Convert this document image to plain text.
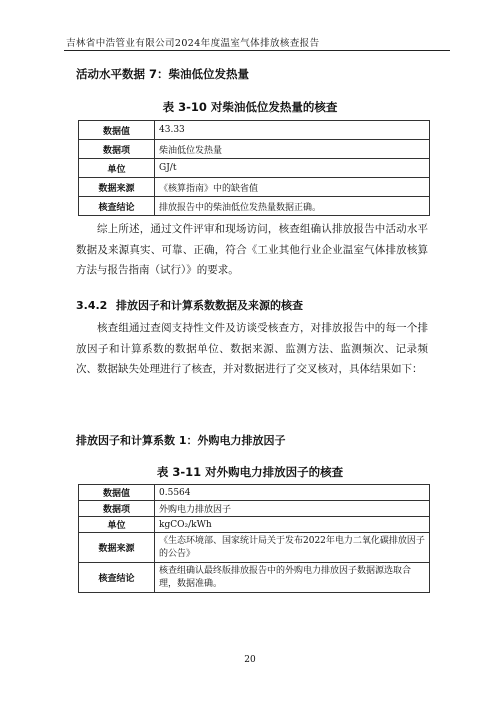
吉林省中浩管业有限公司2024年度温室气体排放核查报告
活动水平数据 7：柴油低位发热量
表 3-10 对柴油低位发热量的核查
数据值	43.33
数据项	柴油低位发热量
单位	GJ/t
数据来源	《核算指南》中的缺省值
核查结论	排放报告中的柴油低位发热量数据正确。
综上所述，通过文件评审和现场访问，核查组确认排放报告中活动水平数据及来源真实、可靠、正确，符合《工业其他行业企业温室气体排放核算方法与报告指南（试行）》的要求。
3.4.2 排放因子和计算系数数据及来源的核查
核查组通过查阅支持性文件及访谈受核查方，对排放报告中的每一个排放因子和计算系数的数据单位、数据来源、监测方法、监测频次、记录频次、数据缺失处理进行了核查，并对数据进行了交叉核对，具体结果如下：
排放因子和计算系数 1：外购电力排放因子
表 3-11 对外购电力排放因子的核查
数据值	0.5564
数据项	外购电力排放因子
单位	kgCO₂/kWh
数据来源	《生态环境部、国家统计局关于发布2022年电力二氧化碳排放因子的公告》
核查结论	核查组确认最终版排放报告中的外购电力排放因子数据源选取合理，数据准确。
20
